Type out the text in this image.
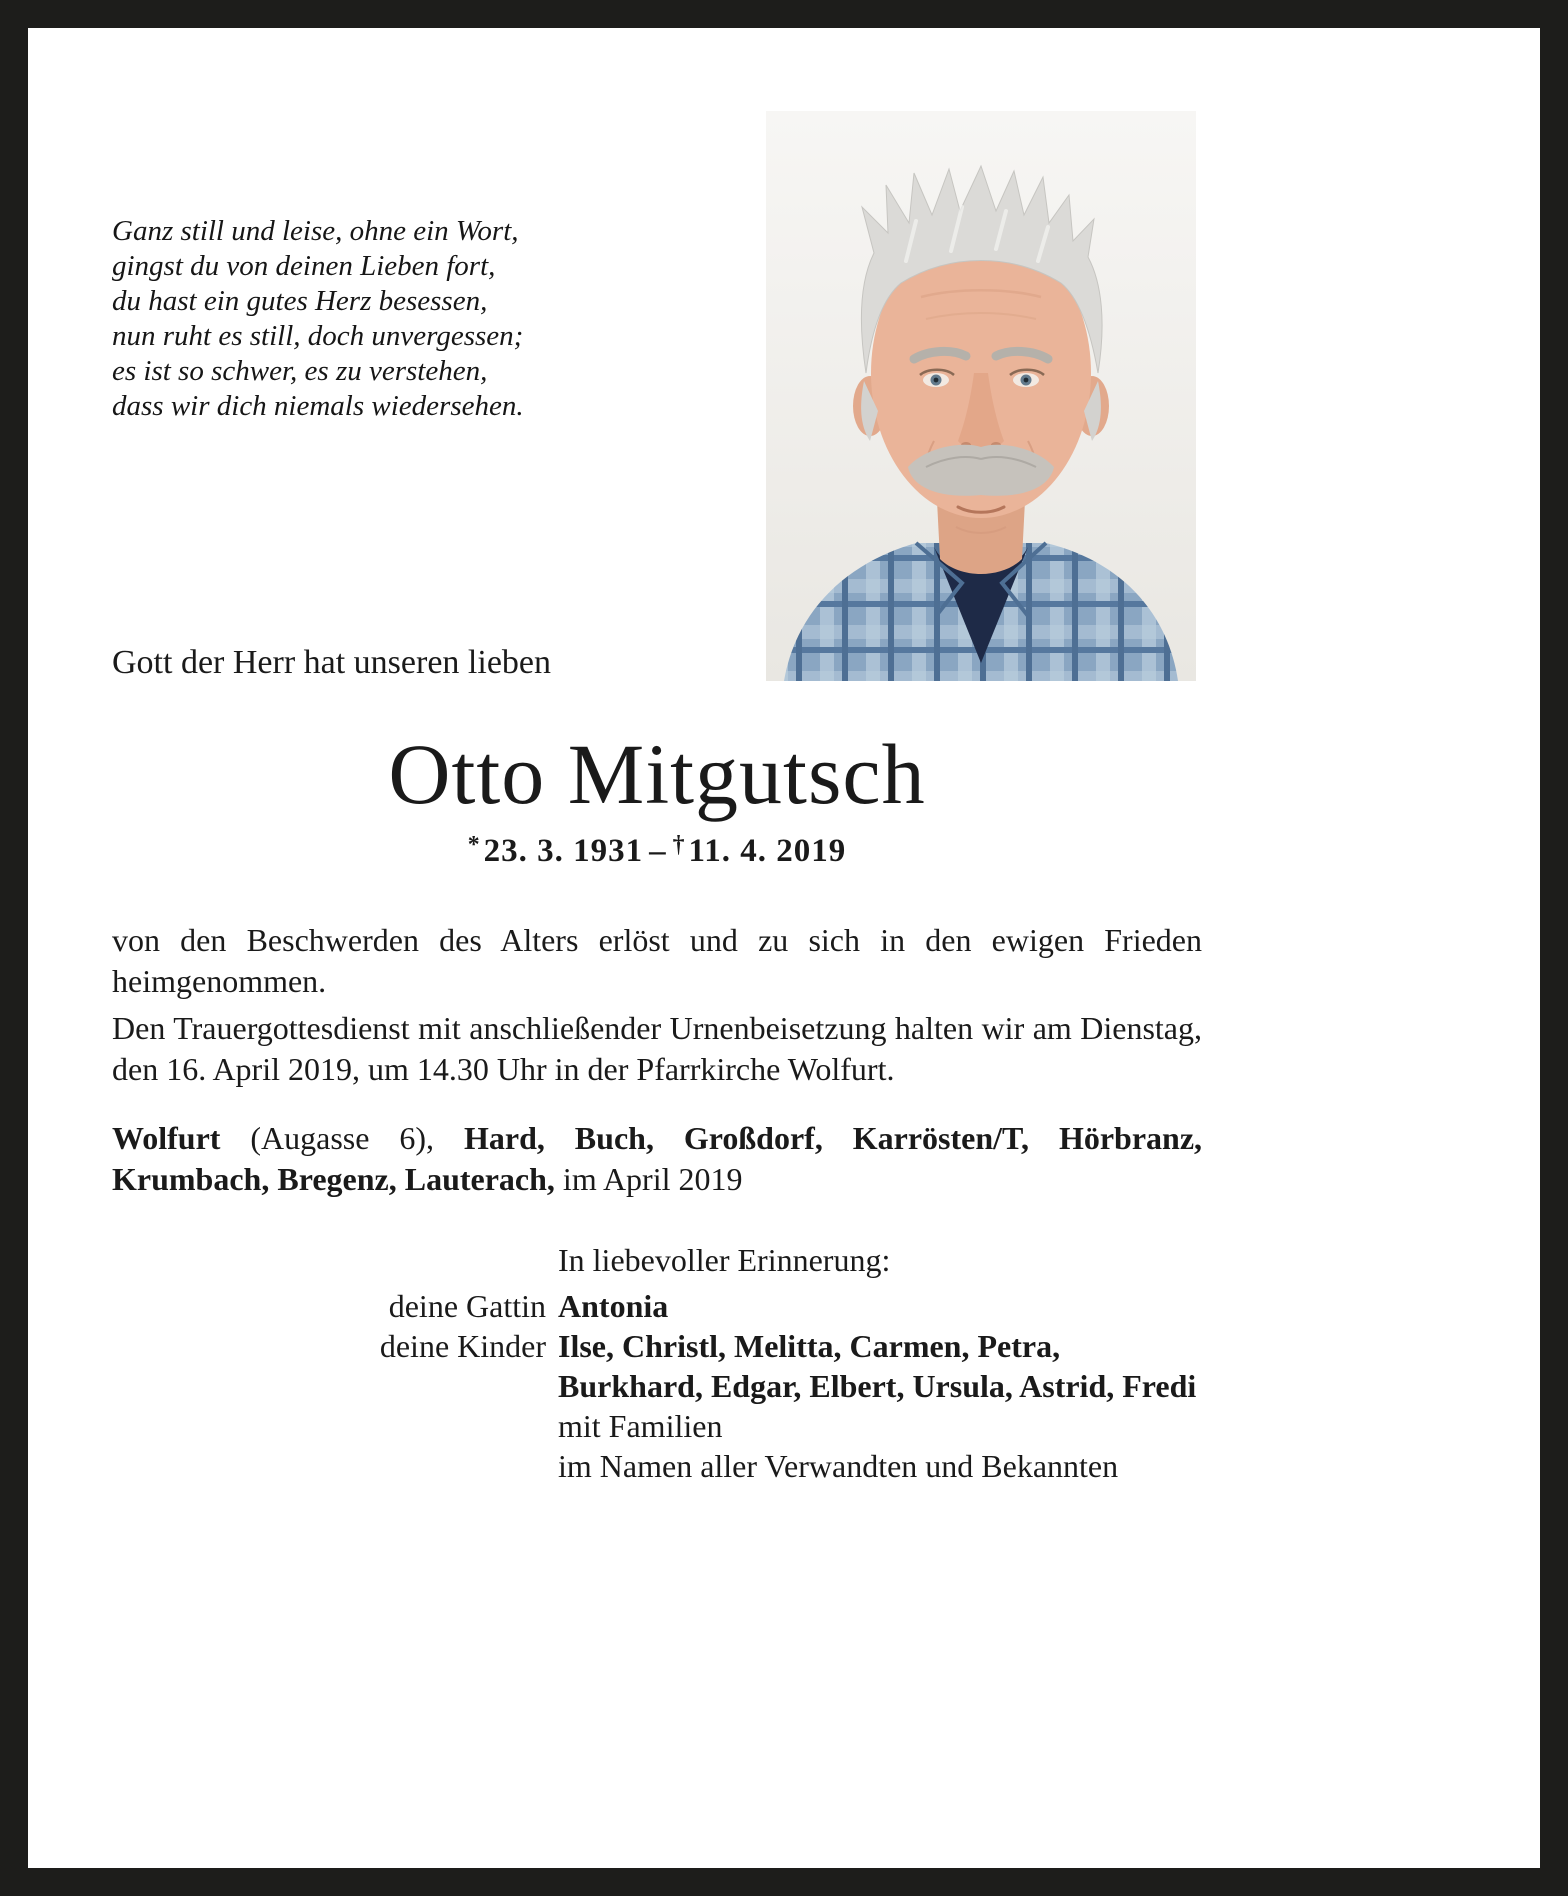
Ganz still und leise, ohne ein Wort,
gingst du von deinen Lieben fort,
du hast ein gutes Herz besessen,
nun ruht es still, doch unvergessen;
es ist so schwer, es zu verstehen,
dass wir dich niemals wiedersehen.
Gott der Herr hat unseren lieben
Otto Mitgutsch
*23. 3. 1931 – †11. 4. 2019

von den Beschwerden des Alters erlöst und zu sich in den ewigen Frieden heimgenommen.

Den Trauergottesdienst mit anschließender Urnenbeisetzung halten wir am Dienstag, den 16. April 2019, um 14.30 Uhr in der Pfarrkirche Wolfurt.

Wolfurt (Augasse 6), Hard, Buch, Großdorf, Karrösten/T, Hörbranz, Krumbach, Bregenz, Lauterach, im April 2019

In liebevoller Erinnerung:
deine Gattin Antonia
deine Kinder Ilse, Christl, Melitta, Carmen, Petra, Burkhard, Edgar, Elbert, Ursula, Astrid, Fredi mit Familien
im Namen aller Verwandten und Bekannten
